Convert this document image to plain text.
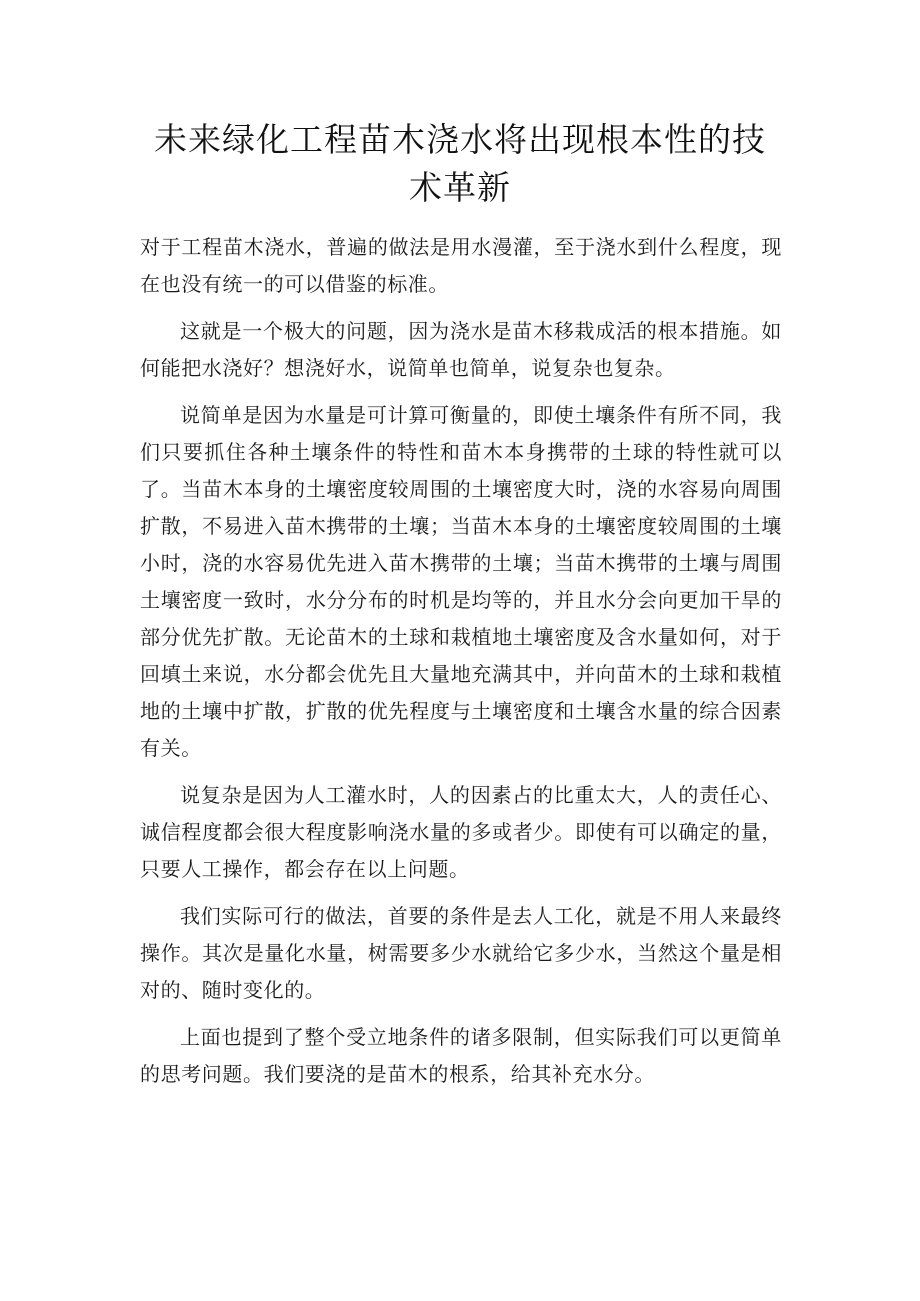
未来绿化工程苗木浇水将出现根本性的技术革新

对于工程苗木浇水，普遍的做法是用水漫灌，至于浇水到什么程度，现在也没有统一的可以借鉴的标准。

这就是一个极大的问题，因为浇水是苗木移栽成活的根本措施。如何能把水浇好？想浇好水，说简单也简单，说复杂也复杂。

说简单是因为水量是可计算可衡量的，即使土壤条件有所不同，我们只要抓住各种土壤条件的特性和苗木本身携带的土球的特性就可以了。当苗木本身的土壤密度较周围的土壤密度大时，浇的水容易向周围扩散，不易进入苗木携带的土壤；当苗木本身的土壤密度较周围的土壤小时，浇的水容易优先进入苗木携带的土壤；当苗木携带的土壤与周围土壤密度一致时，水分分布的时机是均等的，并且水分会向更加干旱的部分优先扩散。无论苗木的土球和栽植地土壤密度及含水量如何，对于回填土来说，水分都会优先且大量地充满其中，并向苗木的土球和栽植地的土壤中扩散，扩散的优先程度与土壤密度和土壤含水量的综合因素有关。

说复杂是因为人工灌水时，人的因素占的比重太大，人的责任心、诚信程度都会很大程度影响浇水量的多或者少。即使有可以确定的量，只要人工操作，都会存在以上问题。

我们实际可行的做法，首要的条件是去人工化，就是不用人来最终操作。其次是量化水量，树需要多少水就给它多少水，当然这个量是相对的、随时变化的。

上面也提到了整个受立地条件的诸多限制，但实际我们可以更简单的思考问题。我们要浇的是苗木的根系，给其补充水分。
